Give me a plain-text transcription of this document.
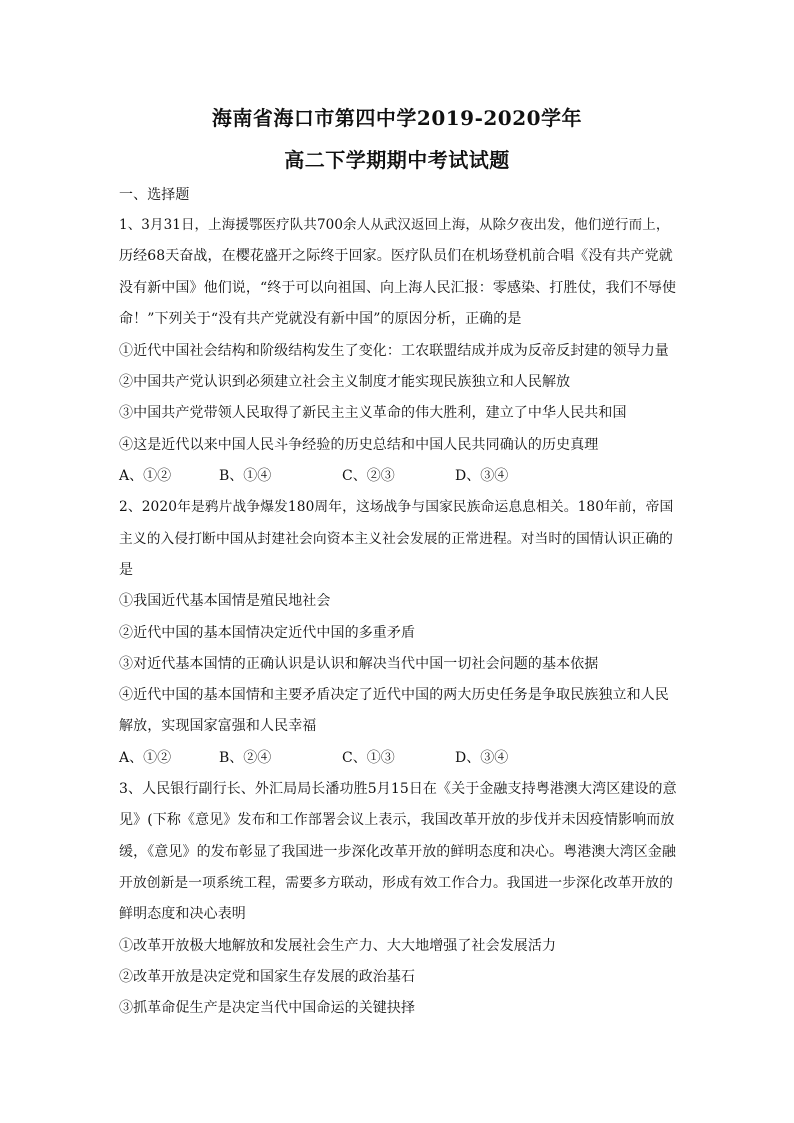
海南省海口市第四中学2019-2020学年
高二下学期期中考试试题
一、选择题
1、3月31日，上海援鄂医疗队共700余人从武汉返回上海，从除夕夜出发，他们逆行而上，
历经68天奋战，在樱花盛开之际终于回家。医疗队员们在机场登机前合唱《没有共产党就
没有新中国》他们说，“终于可以向祖国、向上海人民汇报：零感染、打胜仗，我们不辱使
命！”下列关于“没有共产党就没有新中国”的原因分析，正确的是
①近代中国社会结构和阶级结构发生了变化：工农联盟结成并成为反帝反封建的领导力量
②中国共产党认识到必须建立社会主义制度才能实现民族独立和人民解放
③中国共产党带领人民取得了新民主主义革命的伟大胜利，建立了中华人民共和国
④这是近代以来中国人民斗争经验的历史总结和中国人民共同确认的历史真理
A、①②	B、①④	C、②③	D、③④
2、2020年是鸦片战争爆发180周年，这场战争与国家民族命运息息相关。180年前，帝国
主义的入侵打断中国从封建社会向资本主义社会发展的正常进程。对当时的国情认识正确的
是
①我国近代基本国情是殖民地社会
②近代中国的基本国情决定近代中国的多重矛盾
③对近代基本国情的正确认识是认识和解决当代中国一切社会问题的基本依据
④近代中国的基本国情和主要矛盾决定了近代中国的两大历史任务是争取民族独立和人民
解放，实现国家富强和人民幸福
A、①②	B、②④	C、①③	D、③④
3、人民银行副行长、外汇局局长潘功胜5月15日在《关于金融支持粤港澳大湾区建设的意
见》(下称《意见》发布和工作部署会议上表示，我国改革开放的步伐并未因疫情影响而放
缓，《意见》的发布彰显了我国进一步深化改革开放的鲜明态度和决心。粤港澳大湾区金融
开放创新是一项系统工程，需要多方联动，形成有效工作合力。我国进一步深化改革开放的
鲜明态度和决心表明
①改革开放极大地解放和发展社会生产力、大大地增强了社会发展活力
②改革开放是决定党和国家生存发展的政治基石
③抓革命促生产是决定当代中国命运的关键抉择
